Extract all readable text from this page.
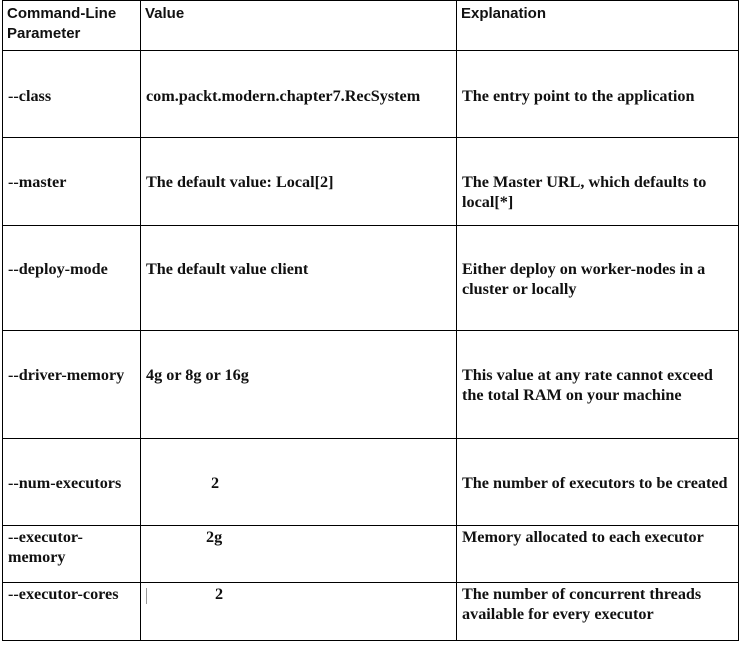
Command-Line Parameter	Value	Explanation

--class	com.packt.modern.chapter7.RecSystem	The entry point to the application

--master	The default value: Local[2]	The Master URL, which defaults to local[*]

--deploy-mode	The default value client	Either deploy on worker-nodes in a cluster or locally

--driver-memory	4g or 8g or 16g	This value at any rate cannot exceed the total RAM on your machine

--num-executors	2	The number of executors to be created

--executor-memory	2g	Memory allocated to each executor

--executor-cores	2	The number of concurrent threads available for every executor
